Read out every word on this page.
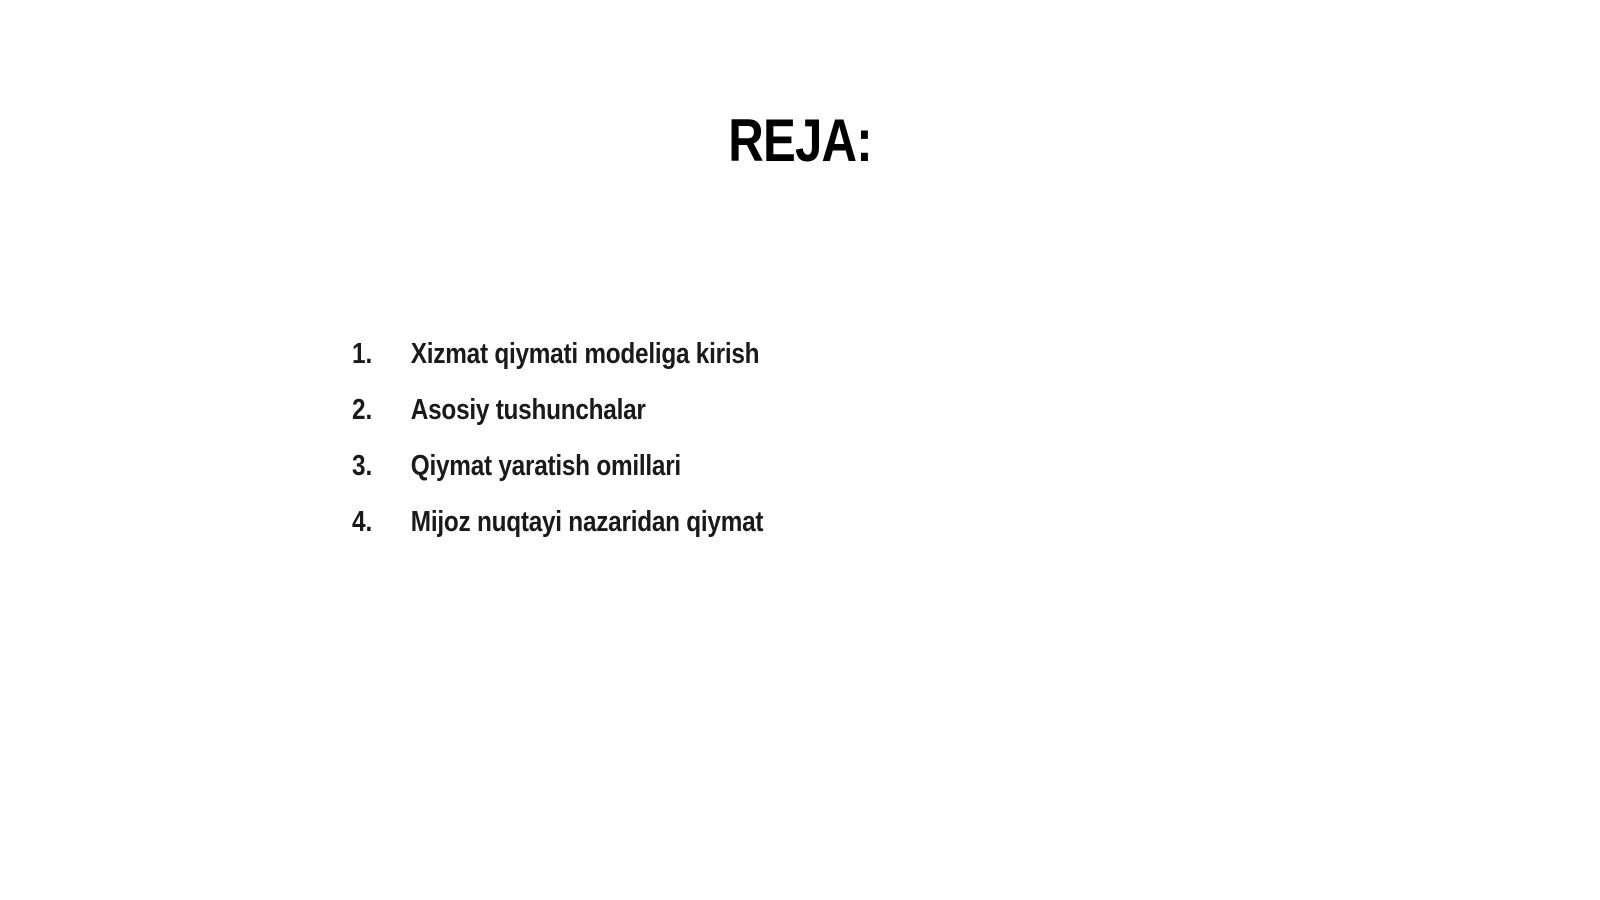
REJA:
1.	Xizmat qiymati modeliga kirish
2.	Asosiy tushunchalar
3.	Qiymat yaratish omillari
4.	Mijoz nuqtayi nazaridan qiymat
